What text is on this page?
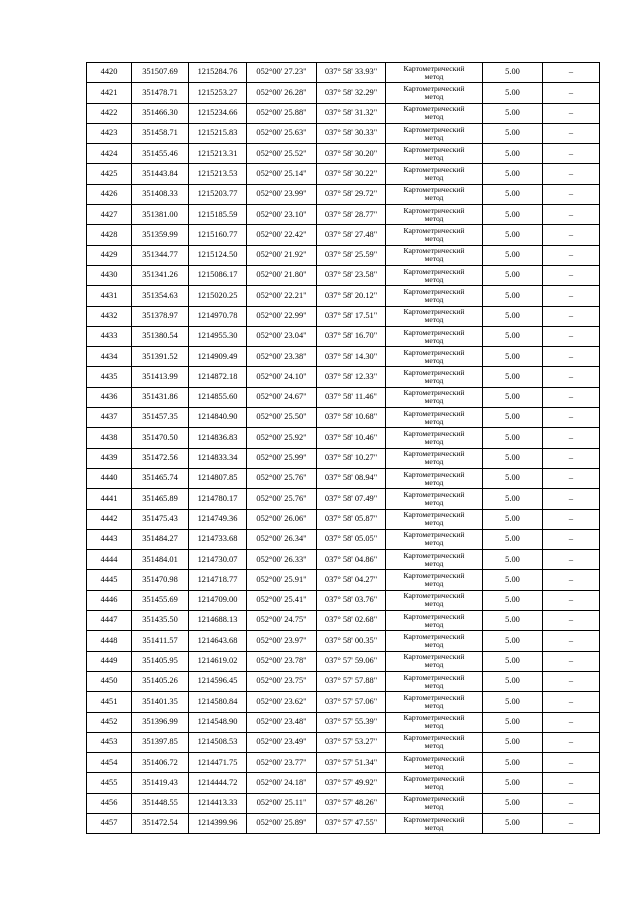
4420	351507.69	1215284.76	052°00' 27.23"	037° 58' 33.93"	Картометрический
метод	5.00	–
4421	351478.71	1215253.27	052°00' 26.28"	037° 58' 32.29"	Картометрический
метод	5.00	–
4422	351466.30	1215234.66	052°00' 25.88"	037° 58' 31.32"	Картометрический
метод	5.00	–
4423	351458.71	1215215.83	052°00' 25.63"	037° 58' 30.33"	Картометрический
метод	5.00	–
4424	351455.46	1215213.31	052°00' 25.52"	037° 58' 30.20"	Картометрический
метод	5.00	–
4425	351443.84	1215213.53	052°00' 25.14"	037° 58' 30.22"	Картометрический
метод	5.00	–
4426	351408.33	1215203.77	052°00' 23.99"	037° 58' 29.72"	Картометрический
метод	5.00	–
4427	351381.00	1215185.59	052°00' 23.10"	037° 58' 28.77"	Картометрический
метод	5.00	–
4428	351359.99	1215160.77	052°00' 22.42"	037° 58' 27.48"	Картометрический
метод	5.00	–
4429	351344.77	1215124.50	052°00' 21.92"	037° 58' 25.59"	Картометрический
метод	5.00	–
4430	351341.26	1215086.17	052°00' 21.80"	037° 58' 23.58"	Картометрический
метод	5.00	–
4431	351354.63	1215020.25	052°00' 22.21"	037° 58' 20.12"	Картометрический
метод	5.00	–
4432	351378.97	1214970.78	052°00' 22.99"	037° 58' 17.51"	Картометрический
метод	5.00	–
4433	351380.54	1214955.30	052°00' 23.04"	037° 58' 16.70"	Картометрический
метод	5.00	–
4434	351391.52	1214909.49	052°00' 23.38"	037° 58' 14.30"	Картометрический
метод	5.00	–
4435	351413.99	1214872.18	052°00' 24.10"	037° 58' 12.33"	Картометрический
метод	5.00	–
4436	351431.86	1214855.60	052°00' 24.67"	037° 58' 11.46"	Картометрический
метод	5.00	–
4437	351457.35	1214840.90	052°00' 25.50"	037° 58' 10.68"	Картометрический
метод	5.00	–
4438	351470.50	1214836.83	052°00' 25.92"	037° 58' 10.46"	Картометрический
метод	5.00	–
4439	351472.56	1214833.34	052°00' 25.99"	037° 58' 10.27"	Картометрический
метод	5.00	–
4440	351465.74	1214807.85	052°00' 25.76"	037° 58' 08.94"	Картометрический
метод	5.00	–
4441	351465.89	1214780.17	052°00' 25.76"	037° 58' 07.49"	Картометрический
метод	5.00	–
4442	351475.43	1214749.36	052°00' 26.06"	037° 58' 05.87"	Картометрический
метод	5.00	–
4443	351484.27	1214733.68	052°00' 26.34"	037° 58' 05.05"	Картометрический
метод	5.00	–
4444	351484.01	1214730.07	052°00' 26.33"	037° 58' 04.86"	Картометрический
метод	5.00	–
4445	351470.98	1214718.77	052°00' 25.91"	037° 58' 04.27"	Картометрический
метод	5.00	–
4446	351455.69	1214709.00	052°00' 25.41"	037° 58' 03.76"	Картометрический
метод	5.00	–
4447	351435.50	1214688.13	052°00' 24.75"	037° 58' 02.68"	Картометрический
метод	5.00	–
4448	351411.57	1214643.68	052°00' 23.97"	037° 58' 00.35"	Картометрический
метод	5.00	–
4449	351405.95	1214619.02	052°00' 23.78"	037° 57' 59.06"	Картометрический
метод	5.00	–
4450	351405.26	1214596.45	052°00' 23.75"	037° 57' 57.88"	Картометрический
метод	5.00	–
4451	351401.35	1214580.84	052°00' 23.62"	037° 57' 57.06"	Картометрический
метод	5.00	–
4452	351396.99	1214548.90	052°00' 23.48"	037° 57' 55.39"	Картометрический
метод	5.00	–
4453	351397.85	1214508.53	052°00' 23.49"	037° 57' 53.27"	Картометрический
метод	5.00	–
4454	351406.72	1214471.75	052°00' 23.77"	037° 57' 51.34"	Картометрический
метод	5.00	–
4455	351419.43	1214444.72	052°00' 24.18"	037° 57' 49.92"	Картометрический
метод	5.00	–
4456	351448.55	1214413.33	052°00' 25.11"	037° 57' 48.26"	Картометрический
метод	5.00	–
4457	351472.54	1214399.96	052°00' 25.89"	037° 57' 47.55"	Картометрический
метод	5.00	–
